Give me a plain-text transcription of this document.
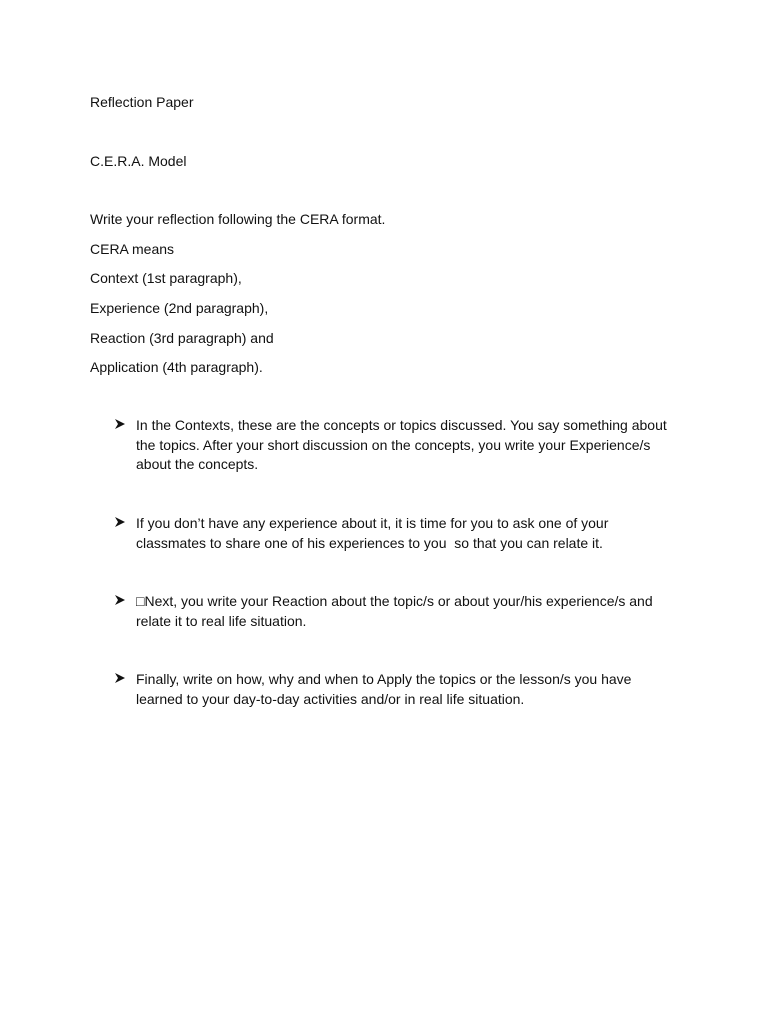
Reflection Paper
C.E.R.A. Model
Write your reflection following the CERA format.
CERA means
Context (1st paragraph),
Experience (2nd paragraph),
Reaction (3rd paragraph) and
Application (4th paragraph).
In the Contexts, these are the concepts or topics discussed. You say something about the topics. After your short discussion on the concepts, you write your Experience/s about the concepts.
If you don’t have any experience about it, it is time for you to ask one of your classmates to share one of his experiences to you  so that you can relate it.
□Next, you write your Reaction about the topic/s or about your/his experience/s and relate it to real life situation.
Finally, write on how, why and when to Apply the topics or the lesson/s you have learned to your day-to-day activities and/or in real life situation.
